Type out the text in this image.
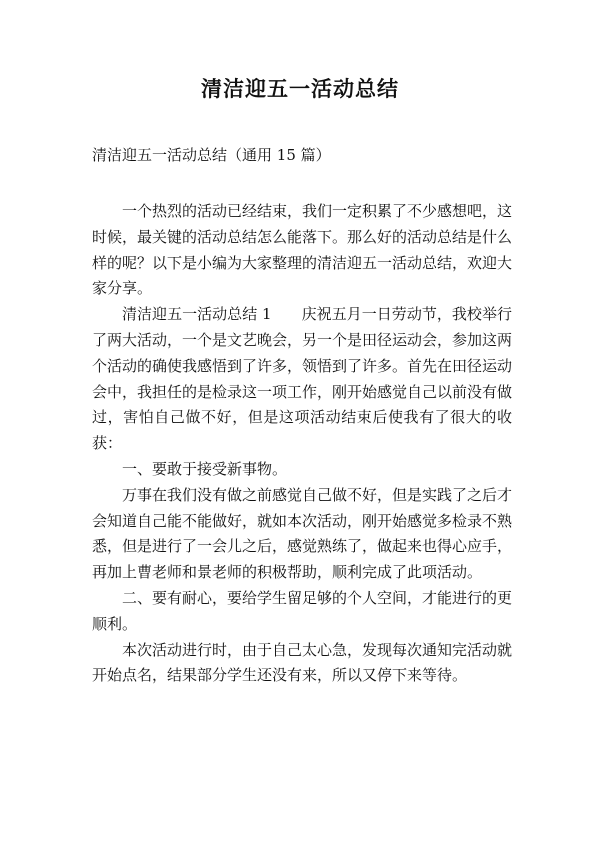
清洁迎五一活动总结
清洁迎五一活动总结（通用 15 篇）

一个热烈的活动已经结束，我们一定积累了不少感想吧，这时候，最关键的活动总结怎么能落下。那么好的活动总结是什么样的呢？以下是小编为大家整理的清洁迎五一活动总结，欢迎大家分享。

清洁迎五一活动总结 1　　庆祝五月一日劳动节，我校举行了两大活动，一个是文艺晚会，另一个是田径运动会，参加这两个活动的确使我感悟到了许多，领悟到了许多。首先在田径运动会中，我担任的是检录这一项工作，刚开始感觉自己以前没有做过，害怕自己做不好，但是这项活动结束后使我有了很大的收获：

一、要敢于接受新事物。

万事在我们没有做之前感觉自己做不好，但是实践了之后才会知道自己能不能做好，就如本次活动，刚开始感觉多检录不熟悉，但是进行了一会儿之后，感觉熟练了，做起来也得心应手，再加上曹老师和景老师的积极帮助，顺利完成了此项活动。

二、要有耐心，要给学生留足够的个人空间，才能进行的更顺利。

本次活动进行时，由于自己太心急，发现每次通知完活动就开始点名，结果部分学生还没有来，所以又停下来等待。
